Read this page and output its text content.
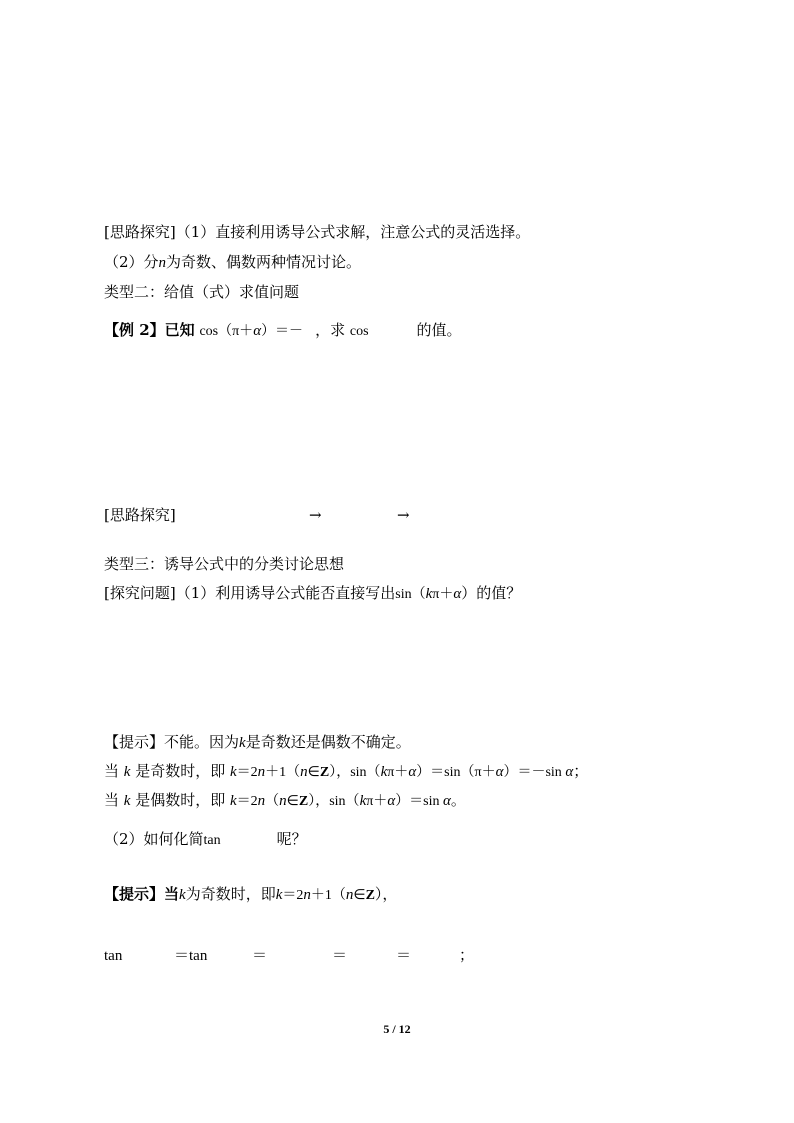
[思路探究]（1）直接利用诱导公式求解，注意公式的灵活选择。
（2）分n为奇数、偶数两种情况讨论。
类型二：给值（式）求值问题
【例 2】已知 cos（π＋α）＝－ ，求 cos	的值。
[思路探究]	→	→
类型三：诱导公式中的分类讨论思想
[探究问题]（1）利用诱导公式能否直接写出sin（kπ＋α）的值？
【提示】不能。因为k是奇数还是偶数不确定。
当 k 是奇数时，即 k＝2n＋1（n∈Z），sin（kπ＋α）＝sin（π＋α）＝－sin α；
当 k 是偶数时，即 k＝2n（n∈Z），sin（kπ＋α）＝sin α。
（2）如何化简tan	呢？
【提示】当k为奇数时，即k＝2n＋1（n∈Z），
tan	＝tan	＝	＝	＝	；
5 / 12
